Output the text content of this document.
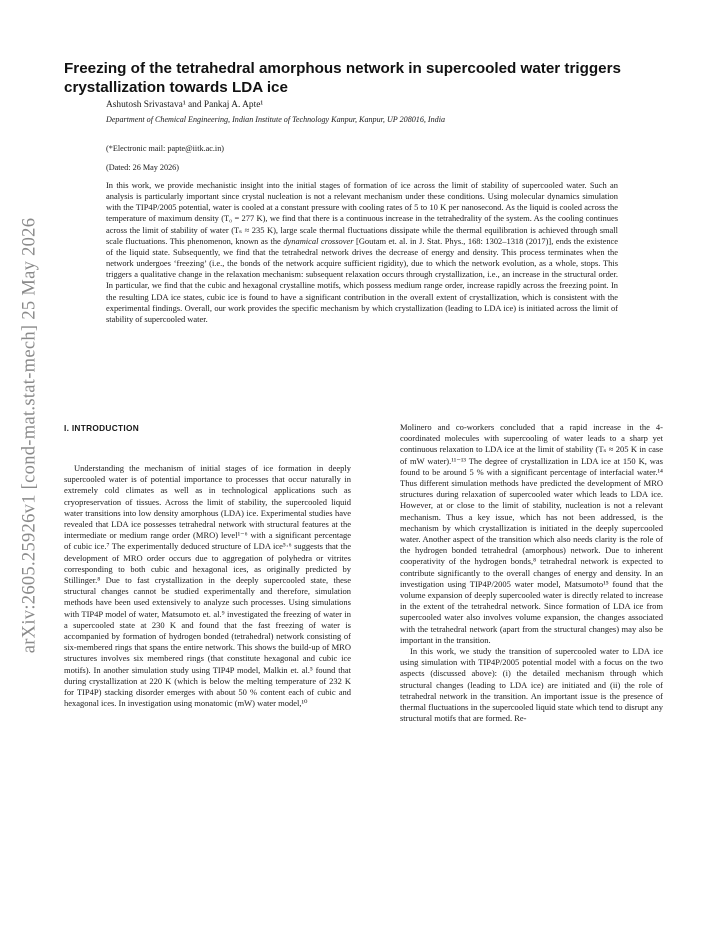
arXiv:2605.25926v1 [cond-mat.stat-mech] 25 May 2026
Freezing of the tetrahedral amorphous network in supercooled water triggers crystallization towards LDA ice
Ashutosh Srivastava¹ and Pankaj A. Apte¹
Department of Chemical Engineering, Indian Institute of Technology Kanpur, Kanpur, UP 208016, India
(*Electronic mail: papte@iitk.ac.in)
(Dated: 26 May 2026)
In this work, we provide mechanistic insight into the initial stages of formation of ice across the limit of stability of supercooled water. Such an analysis is particularly important since crystal nucleation is not a relevant mechanism under these conditions. Using molecular dynamics simulation with the TIP4P/2005 potential, water is cooled at a constant pressure with cooling rates of 5 to 10 K per nanosecond. As the liquid is cooled across the temperature of maximum density (T₀ = 277 K), we find that there is a continuous increase in the tetrahedrality of the system. As the cooling continues across the limit of stability of water (Tₛ ≈ 235 K), large scale thermal fluctuations dissipate while the thermal equilibration is achieved through small scale fluctuations. This phenomenon, known as the dynamical crossover [Goutam et. al. in J. Stat. Phys., 168: 1302–1318 (2017)], ends the existence of the liquid state. Subsequently, we find that the tetrahedral network drives the decrease of energy and density. This process terminates when the network undergoes ‘freezing’ (i.e., the bonds of the network acquire sufficient rigidity), due to which the network evolution, as a whole, stops. This triggers a qualitative change in the relaxation mechanism: subsequent relaxation occurs through crystallization, i.e., an increase in the structural order. In particular, we find that the cubic and hexagonal crystalline motifs, which possess medium range order, increase rapidly across the freezing point. In the resulting LDA ice states, cubic ice is found to have a significant contribution in the overall extent of crystallization, which is consistent with the experimental findings. Overall, our work provides the specific mechanism by which crystallization (leading to LDA ice) is initiated across the limit of stability of supercooled water.
I. INTRODUCTION
Understanding the mechanism of initial stages of ice formation in deeply supercooled water is of potential importance to processes that occur naturally in extremely cold climates as well as in technological applications such as cryopreservation of tissues. Across the limit of stability, the supercooled liquid water transitions into low density amorphous (LDA) ice. Experimental studies have revealed that LDA ice possesses tetrahedral network with structural features at the intermediate or medium range order (MRO) level¹⁻⁶ with a significant percentage of cubic ice.⁷ The experimentally deduced structure of LDA ice⁵·⁶ suggests that the development of MRO order occurs due to aggregation of polyhedra or vitrites corresponding to both cubic and hexagonal ices, as originally predicted by Stillinger.⁸ Due to fast crystallization in the deeply supercooled state, these structural changes cannot be studied experimentally and therefore, simulation methods have been used extensively to analyze such processes. Using simulations with TIP4P model of water, Matsumoto et. al.⁹ investigated the freezing of water in a supercooled state at 230 K and found that the fast freezing of water is accompanied by formation of hydrogen bonded (tetrahedral) network consisting of six-membered rings that spans the entire network. This shows the build-up of MRO structures involves six membered rings (that constitute hexagonal and cubic ice motifs). In another simulation study using TIP4P model, Malkin et. al.⁵ found that during crystallization at 220 K (which is below the melting temperature of 232 K for TIP4P) stacking disorder emerges with about 50 % content each of cubic and hexagonal ices. In investigation using monatomic (mW) water model,¹⁰

Molinero and co-workers concluded that a rapid increase in the 4-coordinated molecules with supercooling of water leads to a sharp yet continuous relaxation to LDA ice at the limit of stability (Tₛ ≈ 205 K in case of mW water).¹¹⁻¹³ The degree of crystallization in LDA ice at 150 K, was found to be around 5 % with a significant percentage of interfacial water.¹⁴ Thus different simulation methods have predicted the development of MRO structures during relaxation of supercooled water which leads to LDA ice. However, at or close to the limit of stability, nucleation is not a relevant mechanism. Thus a key issue, which has not been addressed, is the mechanism by which crystallization is initiated in the deeply supercooled water. Another aspect of the transition which also needs clarity is the role of the hydrogen bonded tetrahedral (amorphous) network. Due to inherent cooperativity of the hydrogen bonds,⁸ tetrahedral network is expected to contribute significantly to the overall changes of energy and density. In an investigation using TIP4P/2005 water model, Matsumoto¹⁵ found that the volume expansion of deeply supercooled water is directly related to increase in the extent of the tetrahedral network. Since formation of LDA ice from supercooled water also involves volume expansion, the changes associated with the tetrahedral network (apart from the structural changes) may also be important in the transition.

In this work, we study the transition of supercooled water to LDA ice using simulation with TIP4P/2005 potential model with a focus on the two aspects (discussed above): (i) the detailed mechanism through which structural changes (leading to LDA ice) are initiated and (ii) the role of tetrahedral network in the transition. An important issue is the presence of thermal fluctuations in the supercooled liquid state which tend to disrupt any structural motifs that are formed. Re-
